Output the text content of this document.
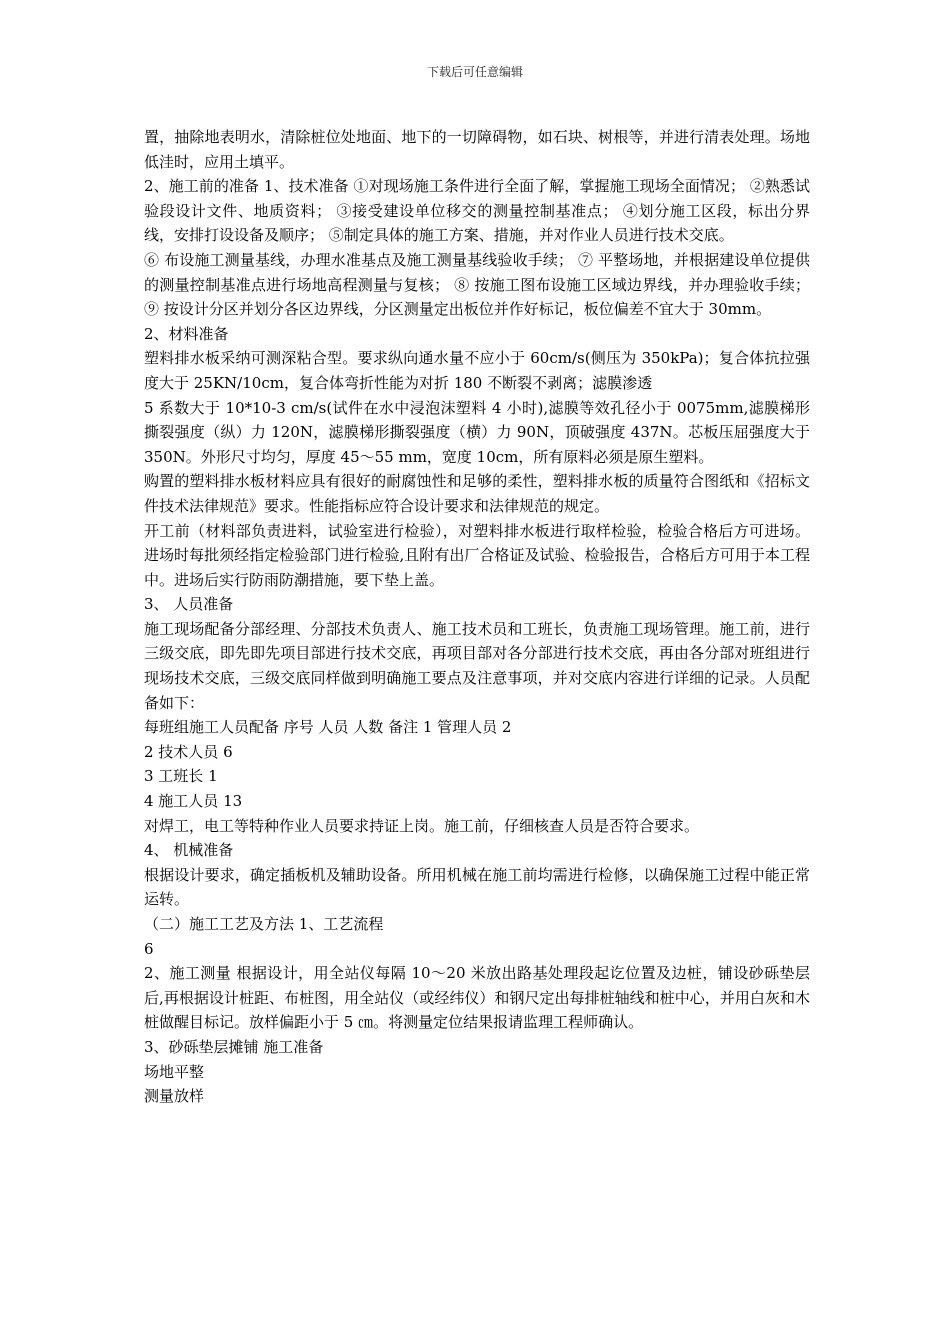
下载后可任意编辑

置，抽除地表明水，清除桩位处地面、地下的一切障碍物，如石块、树根等，并进行清表处理。场地低洼时，应用土填平。

2、施工前的准备 1、技术准备 ①对现场施工条件进行全面了解，掌握施工现场全面情况； ②熟悉试验段设计文件、地质资料； ③接受建设单位移交的测量控制基准点； ④划分施工区段，标出分界线，安排打设设备及顺序； ⑤制定具体的施工方案、措施，并对作业人员进行技术交底。

⑥ 布设施工测量基线，办理水准基点及施工测量基线验收手续； ⑦ 平整场地，并根据建设单位提供的测量控制基准点进行场地高程测量与复核； ⑧ 按施工图布设施工区域边界线，并办理验收手续； ⑨ 按设计分区并划分各区边界线，分区测量定出板位并作好标记，板位偏差不宜大于 30mm。

2、材料准备

塑料排水板采纳可测深粘合型。要求纵向通水量不应小于 60cm/s(侧压为 350kPa)；复合体抗拉强度大于 25KN/10cm，复合体弯折性能为对折 180 不断裂不剥离；滤膜渗透

5 系数大于 10*10-3 cm/s(试件在水中浸泡沫塑料 4 小时),滤膜等效孔径小于 0075mm,滤膜梯形撕裂强度（纵）力 120N，滤膜梯形撕裂强度（横）力 90N，顶破强度 437N。芯板压屈强度大于 350N。外形尺寸均匀，厚度 45～55 mm，宽度 10cm，所有原料必须是原生塑料。

购置的塑料排水板材料应具有很好的耐腐蚀性和足够的柔性，塑料排水板的质量符合图纸和《招标文件技术法律规范》要求。性能指标应符合设计要求和法律规范的规定。

开工前（材料部负责进料，试验室进行检验），对塑料排水板进行取样检验，检验合格后方可进场。进场时每批须经指定检验部门进行检验,且附有出厂合格证及试验、检验报告，合格后方可用于本工程中。进场后实行防雨防潮措施，要下垫上盖。

3、 人员准备

施工现场配备分部经理、分部技术负责人、施工技术员和工班长，负责施工现场管理。施工前，进行三级交底，即先即先项目部进行技术交底，再项目部对各分部进行技术交底，再由各分部对班组进行现场技术交底，三级交底同样做到明确施工要点及注意事项，并对交底内容进行详细的记录。人员配备如下：

每班组施工人员配备 序号 人员 人数 备注 1 管理人员 2

2 技术人员 6

3 工班长 1

4 施工人员 13

对焊工，电工等特种作业人员要求持证上岗。施工前，仔细核查人员是否符合要求。

4、 机械准备

根据设计要求，确定插板机及辅助设备。所用机械在施工前均需进行检修，以确保施工过程中能正常运转。

（二）施工工艺及方法 1、工艺流程

6

2、施工测量 根据设计，用全站仪每隔 10～20 米放出路基处理段起讫位置及边桩，铺设砂砾垫层后,再根据设计桩距、布桩图，用全站仪（或经纬仪）和钢尺定出每排桩轴线和桩中心，并用白灰和木桩做醒目标记。放样偏距小于 5 ㎝。将测量定位结果报请监理工程师确认。

3、砂砾垫层摊铺 施工准备

场地平整

测量放样
